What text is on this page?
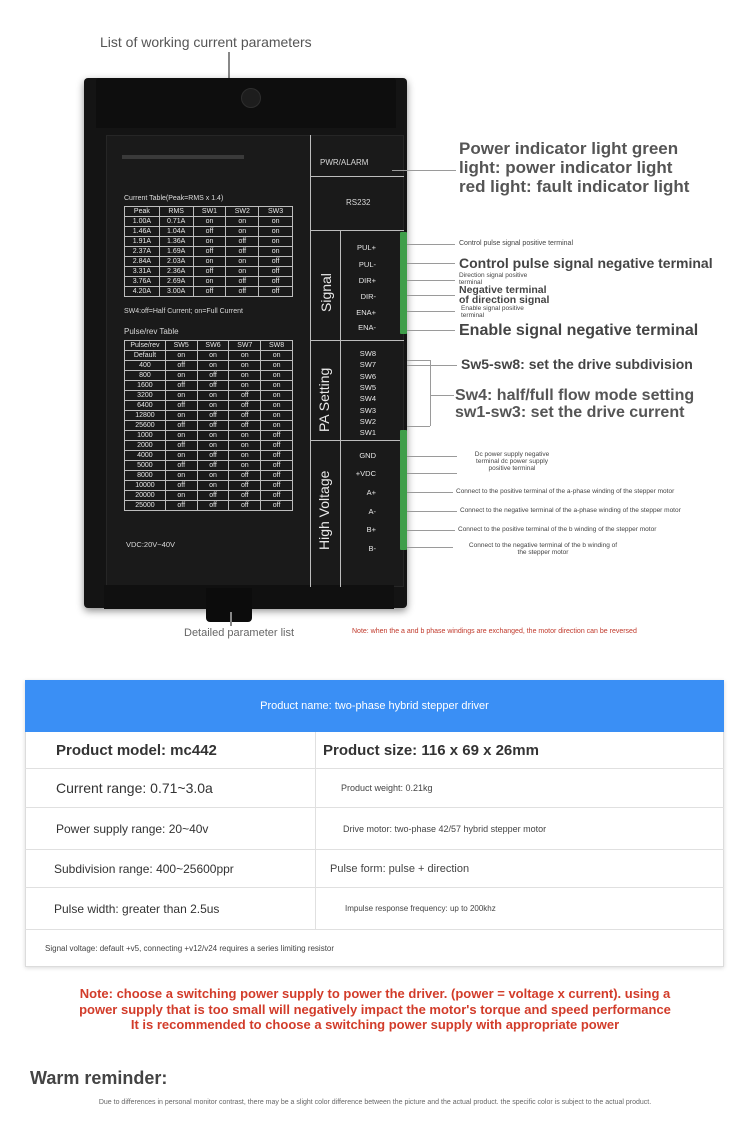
List of working current parameters
Current Table(Peak=RMS x 1.4)
Peak	RMS	SW1	SW2	SW3
1.00A	0.71A	on	on	on
1.46A	1.04A	off	on	on
1.91A	1.36A	on	off	on
2.37A	1.69A	off	off	on
2.84A	2.03A	on	on	off
3.31A	2.36A	off	on	off
3.76A	2.69A	on	off	off
4.20A	3.00A	off	off	off
SW4:off=Half Current; on=Full Current
Pulse/rev Table
Pulse/rev	SW5	SW6	SW7	SW8
Default	on	on	on	on
400	off	on	on	on
800	on	off	on	on
1600	off	off	on	on
3200	on	on	off	on
6400	off	on	off	on
12800	on	off	off	on
25600	off	off	off	on
1000	on	on	on	off
2000	off	on	on	off
4000	on	off	on	off
5000	off	off	on	off
8000	on	on	off	off
10000	off	on	off	off
20000	on	off	off	off
25000	off	off	off	off
VDC:20V~40V
PWR/ALARM
RS232
Signal
PA Setting
High Voltage
PUL+
PUL-
DIR+
DIR-
ENA+
ENA-
SW8
SW7
SW6
SW5
SW4
SW3
SW2
SW1
GND
+VDC
A+
A-
B+
B-
Power indicator light green
light: power indicator light
red light: fault indicator light
Control pulse signal positive terminal
Control pulse signal negative terminal
Direction signal positive
terminal
Negative terminal
of direction signal
Enable signal positive
terminal
Enable signal negative terminal
Sw5-sw8: set the drive subdivision
Sw4: half/full flow mode setting
sw1-sw3: set the drive current
Dc power supply negative
terminal dc power supply
positive terminal
Connect to the positive terminal of the a-phase winding of the stepper motor
Connect to the negative terminal of the a-phase winding of the stepper motor
Connect to the positive terminal of the b winding of the stepper motor
Connect to the negative terminal of the b winding of
the stepper motor
Detailed parameter list	Note: when the a and b phase windings are exchanged, the motor direction can be reversed
Product name: two-phase hybrid stepper driver
Product model: mc442	Product size: 116 x 69 x 26mm
Current range: 0.71~3.0a	Product weight: 0.21kg
Power supply range: 20~40v	Drive motor: two-phase 42/57 hybrid stepper motor
Subdivision range: 400~25600ppr	Pulse form: pulse + direction
Pulse width: greater than 2.5us	Impulse response frequency: up to 200khz
Signal voltage: default +v5, connecting +v12/v24 requires a series limiting resistor
Note: choose a switching power supply to power the driver. (power = voltage x current). using a
power supply that is too small will negatively impact the motor's torque and speed performance
It is recommended to choose a switching power supply with appropriate power
Warm reminder:
Due to differences in personal monitor contrast, there may be a slight color difference between the picture and the actual product. the specific color is subject to the actual product.
